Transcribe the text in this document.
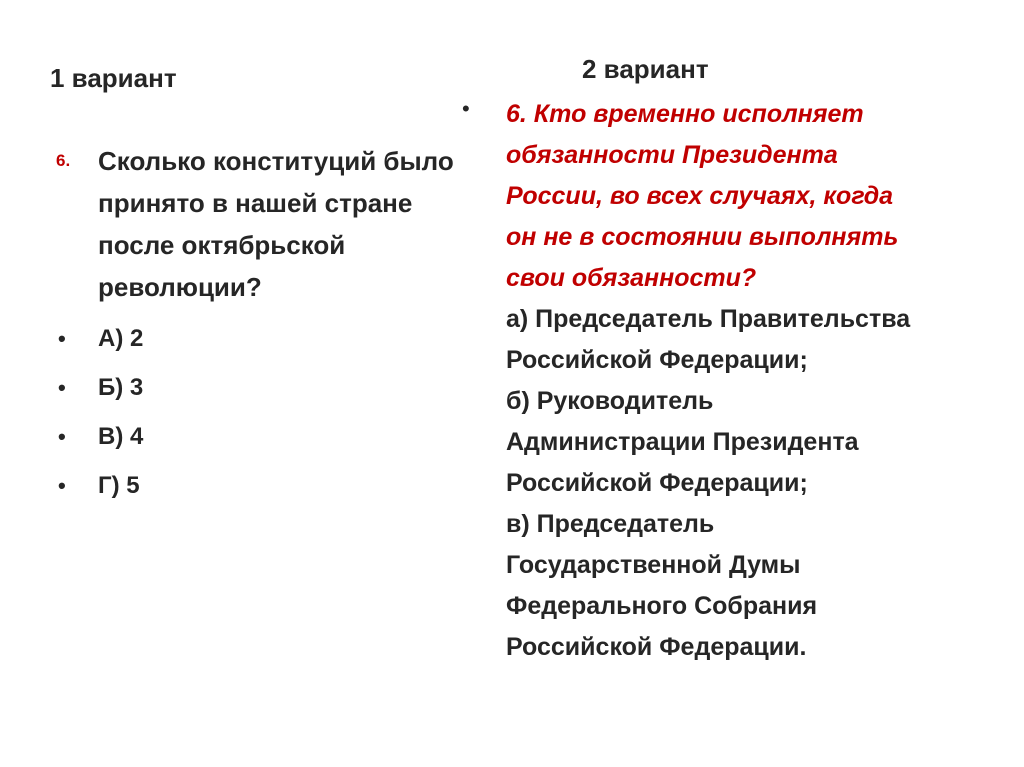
1 вариант	2 вариант
6. Сколько конституций было
принято в нашей стране
после октябрьской
революции?
• А) 2
• Б) 3
• В) 4
• Г) 5
• 6. Кто временно исполняет
обязанности Президента
России, во всех случаях, когда
он не в состоянии выполнять
свои обязанности?
а) Председатель Правительства
Российской Федерации;
б) Руководитель
Администрации Президента
Российской Федерации;
в) Председатель
Государственной Думы
Федерального Собрания
Российской Федерации.
